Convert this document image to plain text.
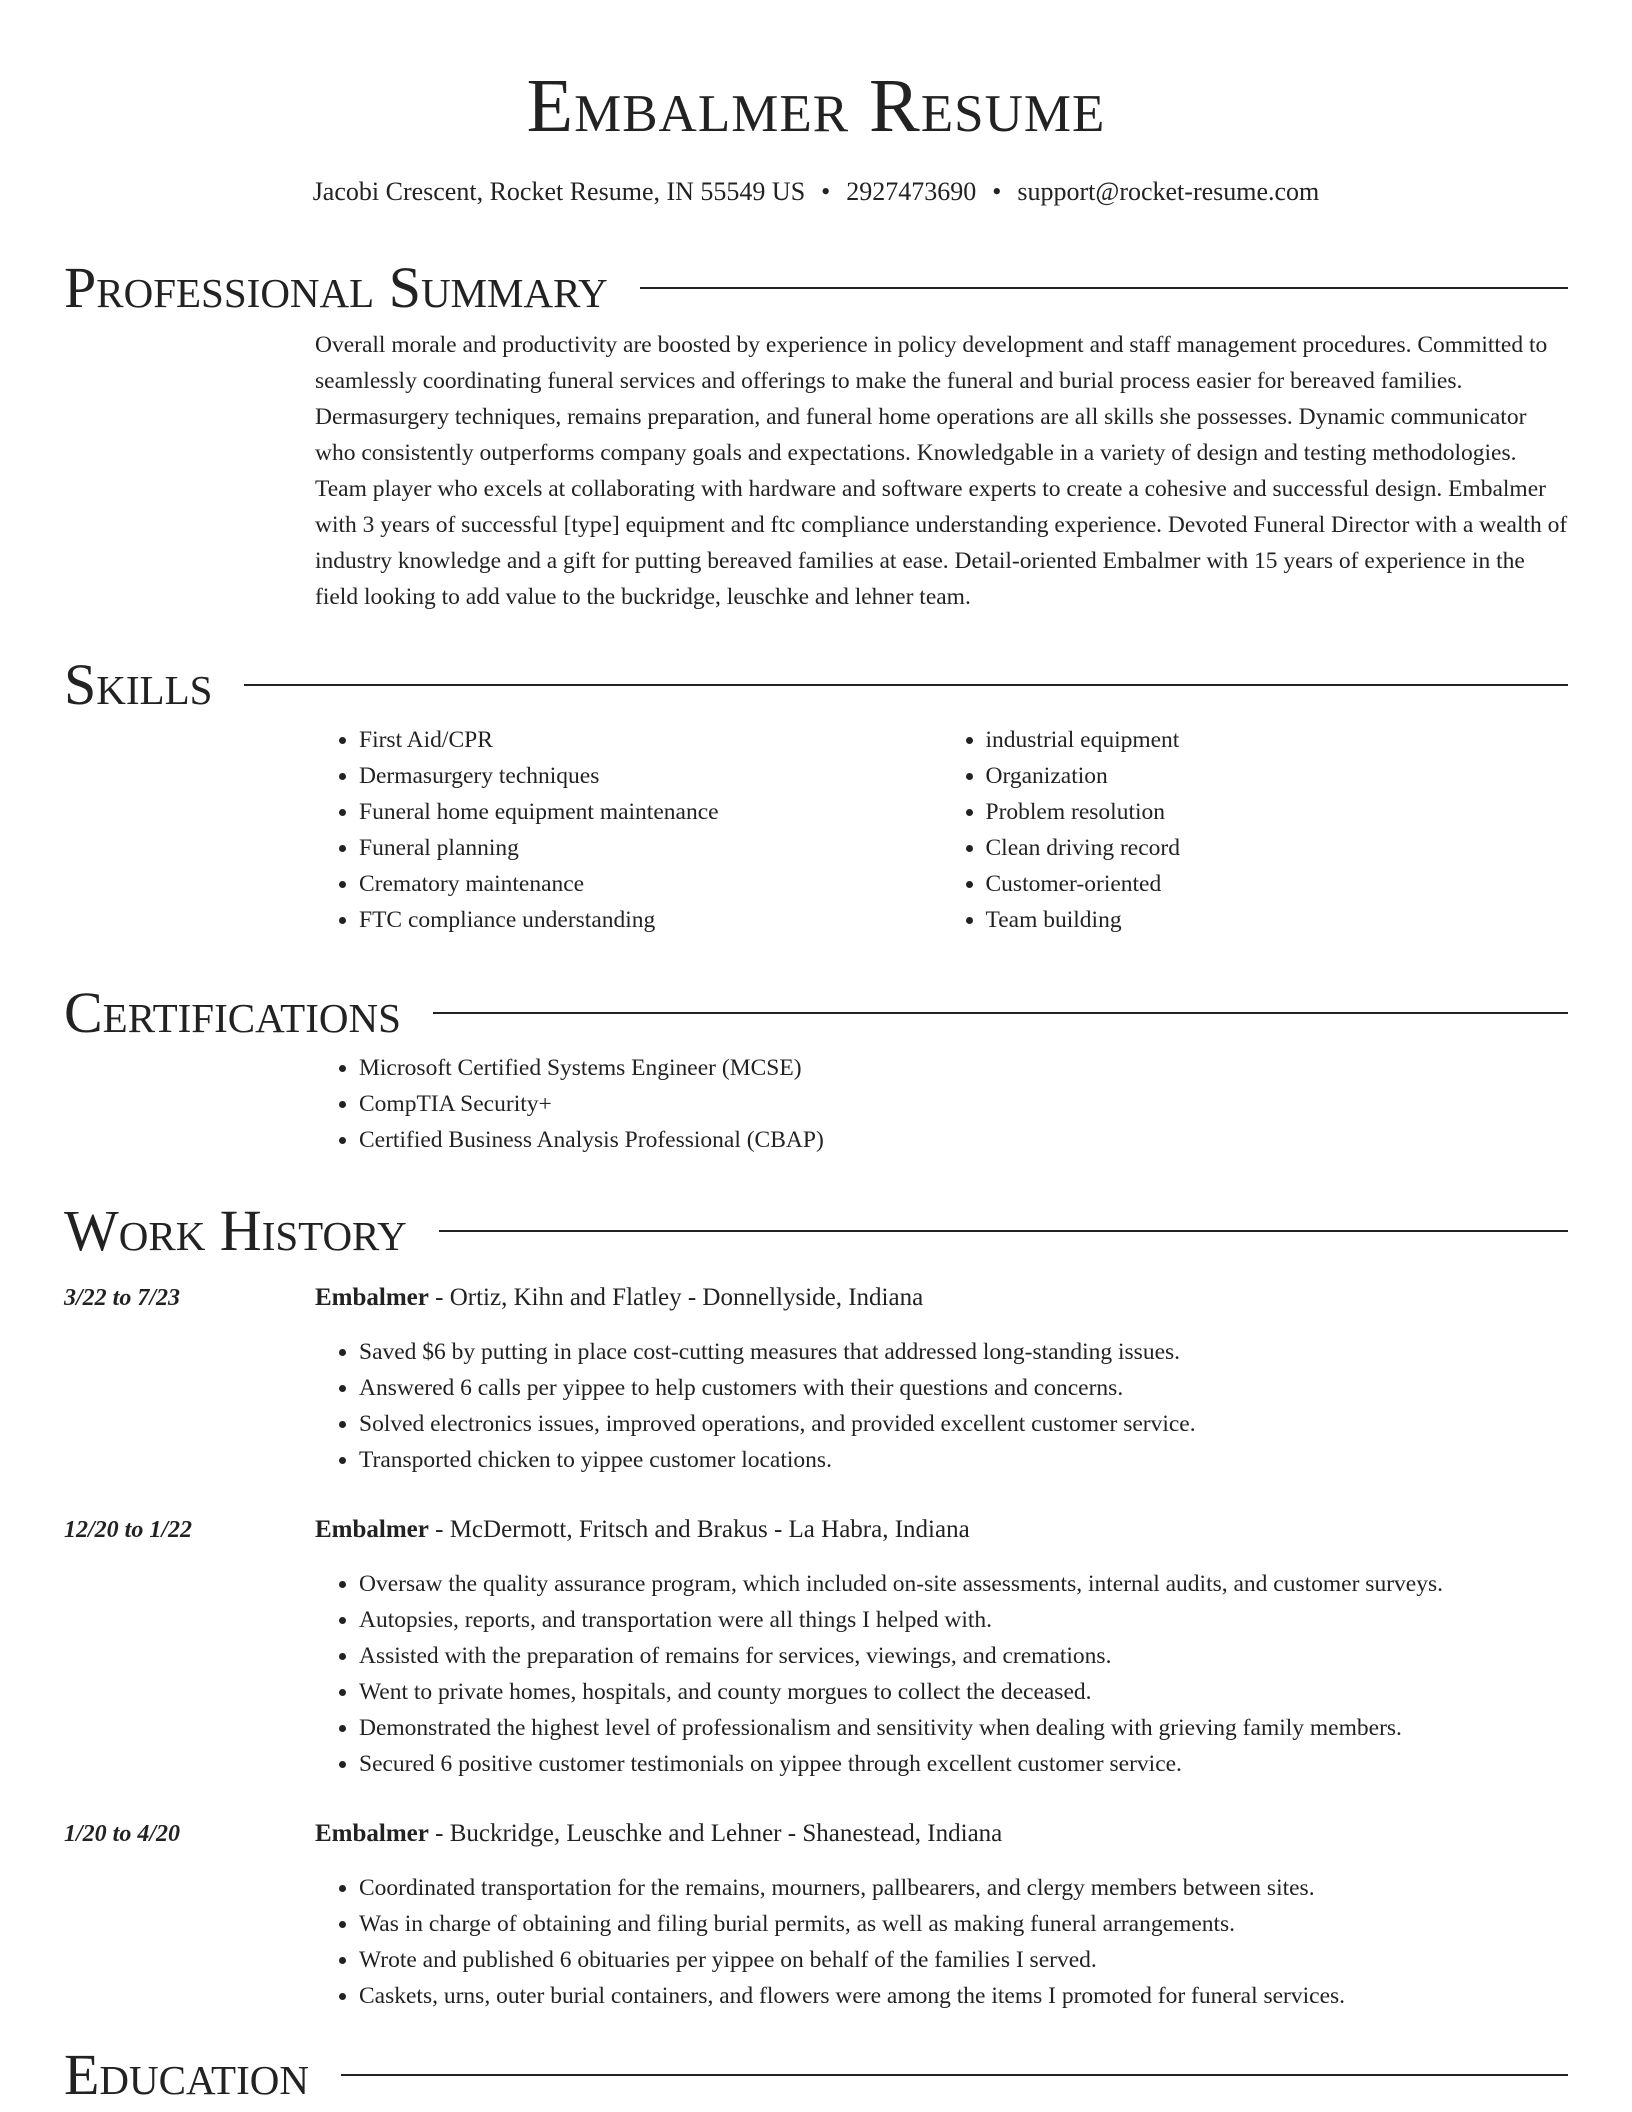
Embalmer Resume
Jacobi Crescent, Rocket Resume, IN 55549 US • 2927473690 • support@rocket-resume.com
Professional Summary

Overall morale and productivity are boosted by experience in policy development and staff management procedures. Committed to seamlessly coordinating funeral services and offerings to make the funeral and burial process easier for bereaved families. Dermasurgery techniques, remains preparation, and funeral home operations are all skills she possesses. Dynamic communicator who consistently outperforms company goals and expectations. Knowledgable in a variety of design and testing methodologies. Team player who excels at collaborating with hardware and software experts to create a cohesive and successful design. Embalmer with 3 years of successful [type] equipment and ftc compliance understanding experience. Devoted Funeral Director with a wealth of industry knowledge and a gift for putting bereaved families at ease. Detail-oriented Embalmer with 15 years of experience in the field looking to add value to the buckridge, leuschke and lehner team.

Skills
• First Aid/CPR
• Dermasurgery techniques
• Funeral home equipment maintenance
• Funeral planning
• Crematory maintenance
• FTC compliance understanding
• industrial equipment
• Organization
• Problem resolution
• Clean driving record
• Customer-oriented
• Team building
Certifications
• Microsoft Certified Systems Engineer (MCSE)
• CompTIA Security+
• Certified Business Analysis Professional (CBAP)
Work History
3/22 to 7/23	Embalmer - Ortiz, Kihn and Flatley - Donnellyside, Indiana
• Saved $6 by putting in place cost-cutting measures that addressed long-standing issues.
• Answered 6 calls per yippee to help customers with their questions and concerns.
• Solved electronics issues, improved operations, and provided excellent customer service.
• Transported chicken to yippee customer locations.
12/20 to 1/22	Embalmer - McDermott, Fritsch and Brakus - La Habra, Indiana
• Oversaw the quality assurance program, which included on-site assessments, internal audits, and customer surveys.
• Autopsies, reports, and transportation were all things I helped with.
• Assisted with the preparation of remains for services, viewings, and cremations.
• Went to private homes, hospitals, and county morgues to collect the deceased.
• Demonstrated the highest level of professionalism and sensitivity when dealing with grieving family members.
• Secured 6 positive customer testimonials on yippee through excellent customer service.
1/20 to 4/20	Embalmer - Buckridge, Leuschke and Lehner - Shanestead, Indiana
• Coordinated transportation for the remains, mourners, pallbearers, and clergy members between sites.
• Was in charge of obtaining and filing burial permits, as well as making funeral arrangements.
• Wrote and published 6 obituaries per yippee on behalf of the families I served.
• Caskets, urns, outer burial containers, and flowers were among the items I promoted for funeral services.
Education
